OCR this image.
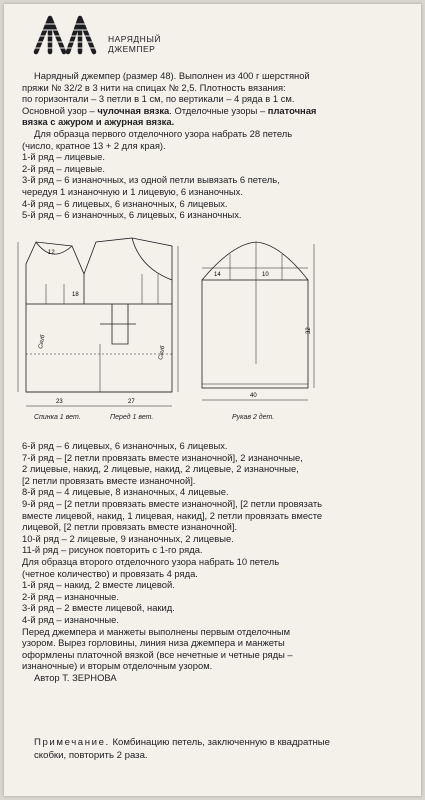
НАРЯДНЫЙ
ДЖЕМПЕР

Нарядный джемпер (размер 48). Выполнен из 400 г шерстяной

пряжи № 32/2 в 3 нити на спицах № 2,5. Плотность вязания:

по горизонтали – 3 петли в 1 см, по вертикали – 4 ряда в 1 см.

Основной узор – чулочная вязка. Отделочные узоры – платочная

вязка с ажуром и ажурная вязка.

Для образца первого отделочного узора набрать 28 петель

(число, кратное 13 + 2 для края).

1-й ряд – лицевые.

2-й ряд – лицевые.

3-й ряд – 6 изнаночных, из одной петли вывязать 6 петель,

чередуя 1 изнаночную и 1 лицевую, 6 изнаночных.

4-й ряд – 6 лицевых, 6 изнаночных, 6 лицевых.

5-й ряд – 6 изнаночных, 6 лицевых, 6 изнаночных.

23	27
12
18
Сгиб
Сгиб
Спинка 1 вет.	Перед 1 вет.
40
10
14
32
Рукав 2 дет.

6-й ряд – 6 лицевых, 6 изнаночных, 6 лицевых.

7-й ряд – [2 петли провязать вместе изнаночной], 2 изнаночные,

2 лицевые, накид, 2 лицевые, накид, 2 лицевые, 2 изнаночные,

[2 петли провязать вместе изнаночной].

8-й ряд – 4 лицевые, 8 изнаночных, 4 лицевые.

9-й ряд – [2 петли провязать вместе изнаночной], [2 петли провязать

вместе лицевой, накид, 1 лицевая, накид], 2 петли провязать вместе

лицевой, [2 петли провязать вместе изнаночной].

10-й ряд – 2 лицевые, 9 изнаночных, 2 лицевые.

11-й ряд – рисунок повторить с 1-го ряда.

Для образца второго отделочного узора набрать 10 петель

(четное количество) и провязать 4 ряда.

1-й ряд – накид, 2 вместе лицевой.

2-й ряд – изнаночные.

3-й ряд – 2 вместе лицевой, накид.

4-й ряд – изнаночные.

Перед джемпера и манжеты выполнены первым отделочным

узором. Вырез горловины, линия низа джемпера и манжеты

оформлены платочной вязкой (все нечетные и четные ряды –

изнаночные) и вторым отделочным узором.

Автор Т. ЗЕРНОВА

Примечание. Комбинацию петель, заключенную в квадратные

скобки, повторить 2 раза.
